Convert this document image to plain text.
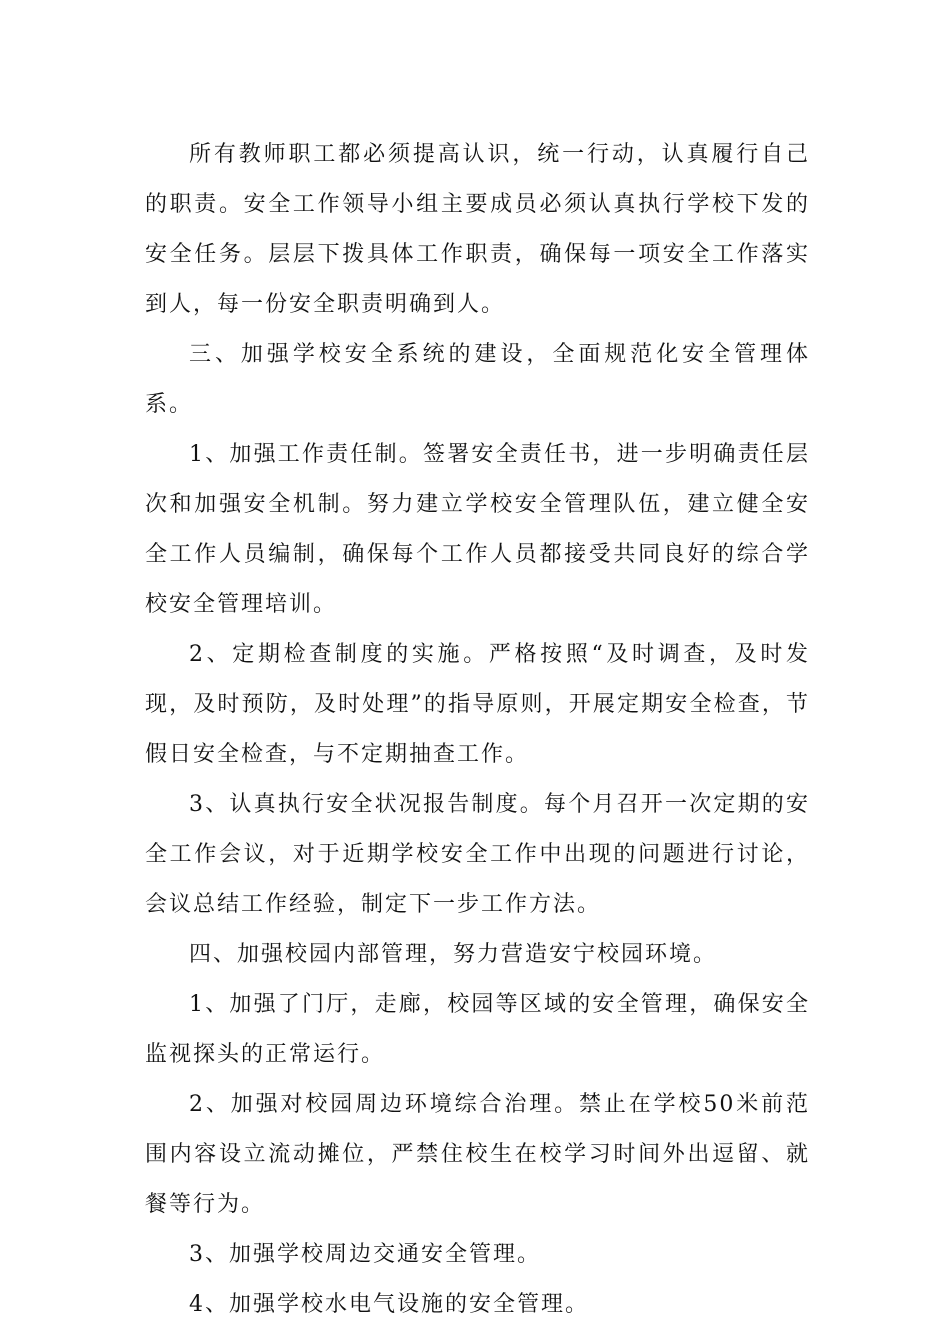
所有教师职工都必须提高认识，统一行动，认真履行自己的职责。安全工作领导小组主要成员必须认真执行学校下发的安全任务。层层下拨具体工作职责，确保每一项安全工作落实到人，每一份安全职责明确到人。

三、加强学校安全系统的建设，全面规范化安全管理体系。

1、加强工作责任制。签署安全责任书，进一步明确责任层次和加强安全机制。努力建立学校安全管理队伍，建立健全安全工作人员编制，确保每个工作人员都接受共同良好的综合学校安全管理培训。

2、定期检查制度的实施。严格按照“及时调查，及时发现，及时预防，及时处理”的指导原则，开展定期安全检查，节假日安全检查，与不定期抽查工作。

3、认真执行安全状况报告制度。每个月召开一次定期的安全工作会议，对于近期学校安全工作中出现的问题进行讨论，会议总结工作经验，制定下一步工作方法。

四、加强校园内部管理，努力营造安宁校园环境。

1、加强了门厅，走廊，校园等区域的安全管理，确保安全监视探头的正常运行。

2、加强对校园周边环境综合治理。禁止在学校50米前范围内容设立流动摊位，严禁住校生在校学习时间外出逗留、就餐等行为。

3、加强学校周边交通安全管理。

4、加强学校水电气设施的安全管理。
